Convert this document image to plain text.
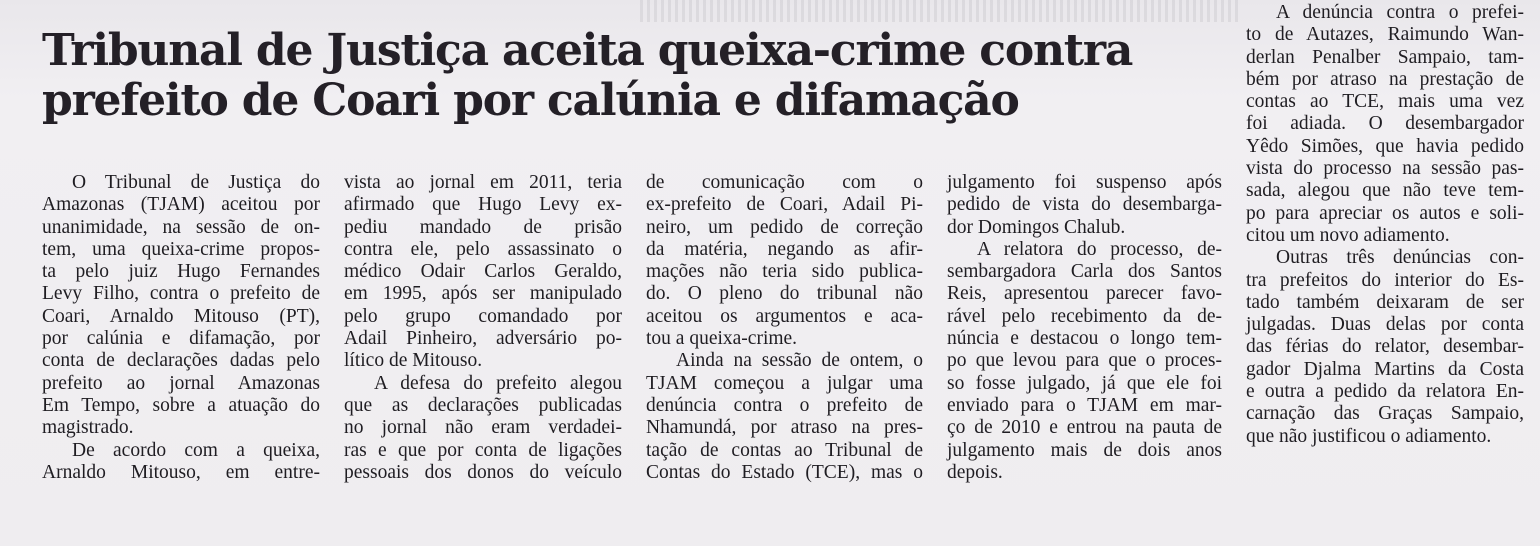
Tribunal de Justiça aceita queixa-crime contra
prefeito de Coari por calúnia e difamação

O Tribunal de Justiça do

Amazonas (TJAM) aceitou por

unanimidade, na sessão de on-

tem, uma queixa-crime propos-

ta pelo juiz Hugo Fernandes

Levy Filho, contra o prefeito de

Coari, Arnaldo Mitouso (PT),

por calúnia e difamação, por

conta de declarações dadas pelo

prefeito ao jornal Amazonas

Em Tempo, sobre a atuação do

magistrado.

De acordo com a queixa,

Arnaldo Mitouso, em entre-

vista ao jornal em 2011, teria

afirmado que Hugo Levy ex-

pediu mandado de prisão

contra ele, pelo assassinato o

médico Odair Carlos Geraldo,

em 1995, após ser manipulado

pelo grupo comandado por

Adail Pinheiro, adversário po-

lítico de Mitouso.

A defesa do prefeito alegou

que as declarações publicadas

no jornal não eram verdadei-

ras e que por conta de ligações

pessoais dos donos do veículo

de comunicação com o

ex-prefeito de Coari, Adail Pi-

neiro, um pedido de correção

da matéria, negando as afir-

mações não teria sido publica-

do. O pleno do tribunal não

aceitou os argumentos e aca-

tou a queixa-crime.

Ainda na sessão de ontem, o

TJAM começou a julgar uma

denúncia contra o prefeito de

Nhamundá, por atraso na pres-

tação de contas ao Tribunal de

Contas do Estado (TCE), mas o

julgamento foi suspenso após

pedido de vista do desembarga-

dor Domingos Chalub.

A relatora do processo, de-

sembargadora Carla dos Santos

Reis, apresentou parecer favo-

rável pelo recebimento da de-

núncia e destacou o longo tem-

po que levou para que o proces-

so fosse julgado, já que ele foi

enviado para o TJAM em mar-

ço de 2010 e entrou na pauta de

julgamento mais de dois anos

depois.

A denúncia contra o prefei-

to de Autazes, Raimundo Wan-

derlan Penalber Sampaio, tam-

bém por atraso na prestação de

contas ao TCE, mais uma vez

foi adiada. O desembargador

Yêdo Simões, que havia pedido

vista do processo na sessão pas-

sada, alegou que não teve tem-

po para apreciar os autos e soli-

citou um novo adiamento.

Outras três denúncias con-

tra prefeitos do interior do Es-

tado também deixaram de ser

julgadas. Duas delas por conta

das férias do relator, desembar-

gador Djalma Martins da Costa

e outra a pedido da relatora En-

carnação das Graças Sampaio,

que não justificou o adiamento.
